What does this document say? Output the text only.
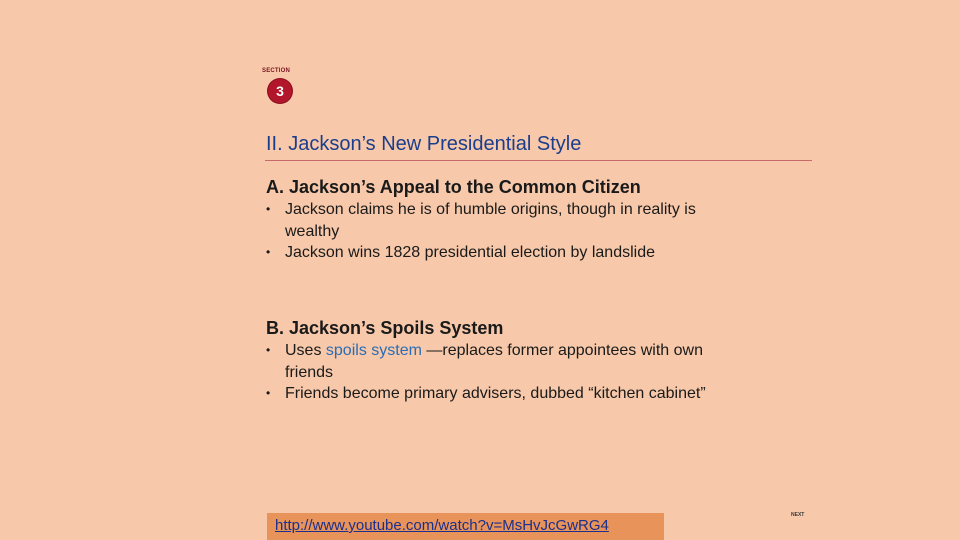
SECTION
3
II. Jackson’s New Presidential Style
A. Jackson’s Appeal to the Common Citizen
• Jackson claims he is of humble origins, though in reality is wealthy
• Jackson wins 1828 presidential election by landslide
B. Jackson’s Spoils System
• Uses spoils system —replaces former appointees with own friends
• Friends become primary advisers, dubbed “kitchen cabinet”
http://www.youtube.com/watch?v=MsHvJcGwRG4
NEXT
